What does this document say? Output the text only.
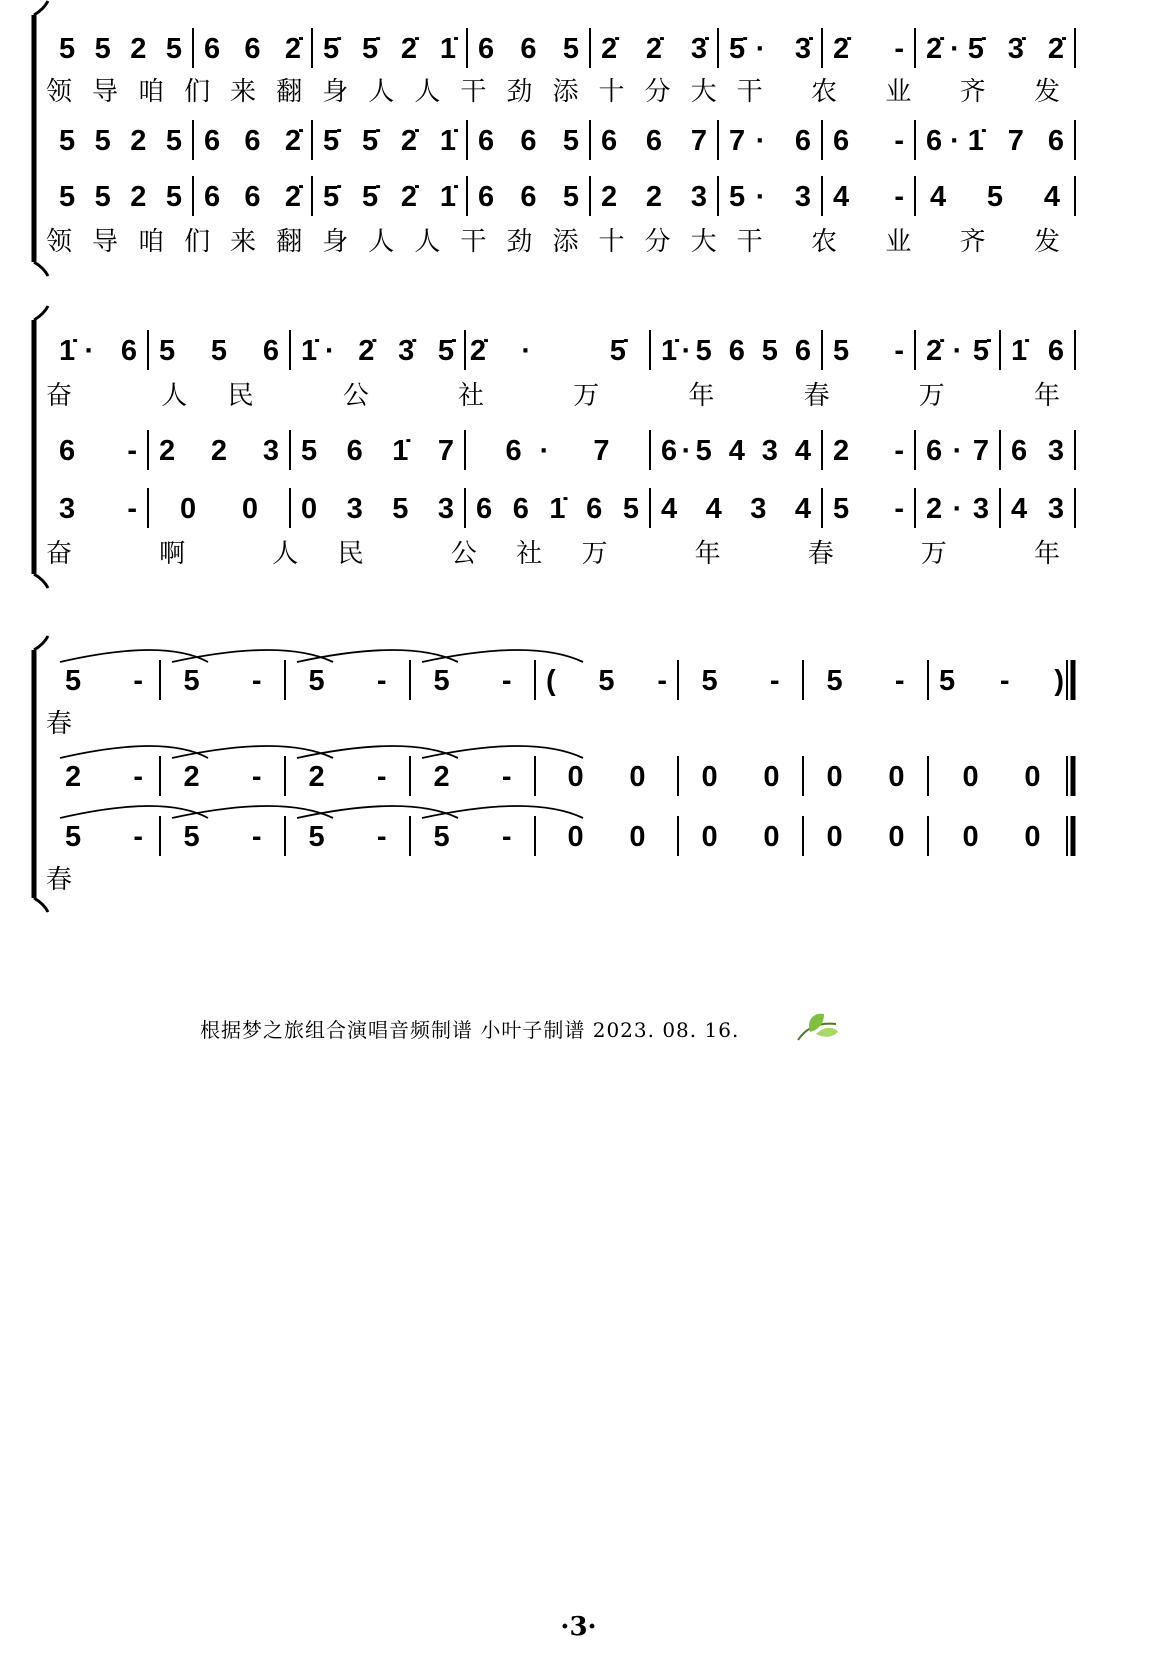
5 5 2 5 6 6 2̇ 5̇ 5̇ 2̇ 1̇ 6 6 5 2̇ 2̇ 3̇ 5̇· 3̇ 2̇ - 2̇·5̇ 3̇ 2̇
5 5 2 5 6 6 2̇ 5̇ 5̇ 2̇ 1̇ 6 6 5 6 6 7 7· 6 6 - 6·1̇ 7 6
5 5 2 5 6 6 2̇ 5̇ 5̇ 2̇ 1̇ 6 6 5 2 2 3 5· 3 4 - 4 5 4
领导咱们来翻身人人干劲添十分大干 农 业 齐 发
领导咱们来翻身人人干劲添十分大干 农 业 齐 发
1̇· 6 5 5 6 1̇· 2̇ 3̇ 5̇ 2̇· 5̇ 1̇·5 6 5 6 5 - 2̇·5̇ 1̇ 6
6 - 2 2 3 5 6 1̇ 7 6· 7 6·5 4 3 4 2 - 6·7 6 3
3 - 0 0 0 3 5 3 6 6 1̇ 6 5 4 4 3 4 5 - 2·3 4 3
奋 人民 公 社 万 年 春 万 年
奋 啊 人民 公社万 年 春 万 年
5 - 5 - 5 - 5 - ( 5 - 5 - 5 - 5 - )
2 - 2 - 2 - 2 - 0 0 0 0 0 0 0 0
5 - 5 - 5 - 5 - 0 0 0 0 0 0 0 0
春
春
根据梦之旅组合演唱音频制谱 小叶子制谱 2023. 08. 16.
·3·
